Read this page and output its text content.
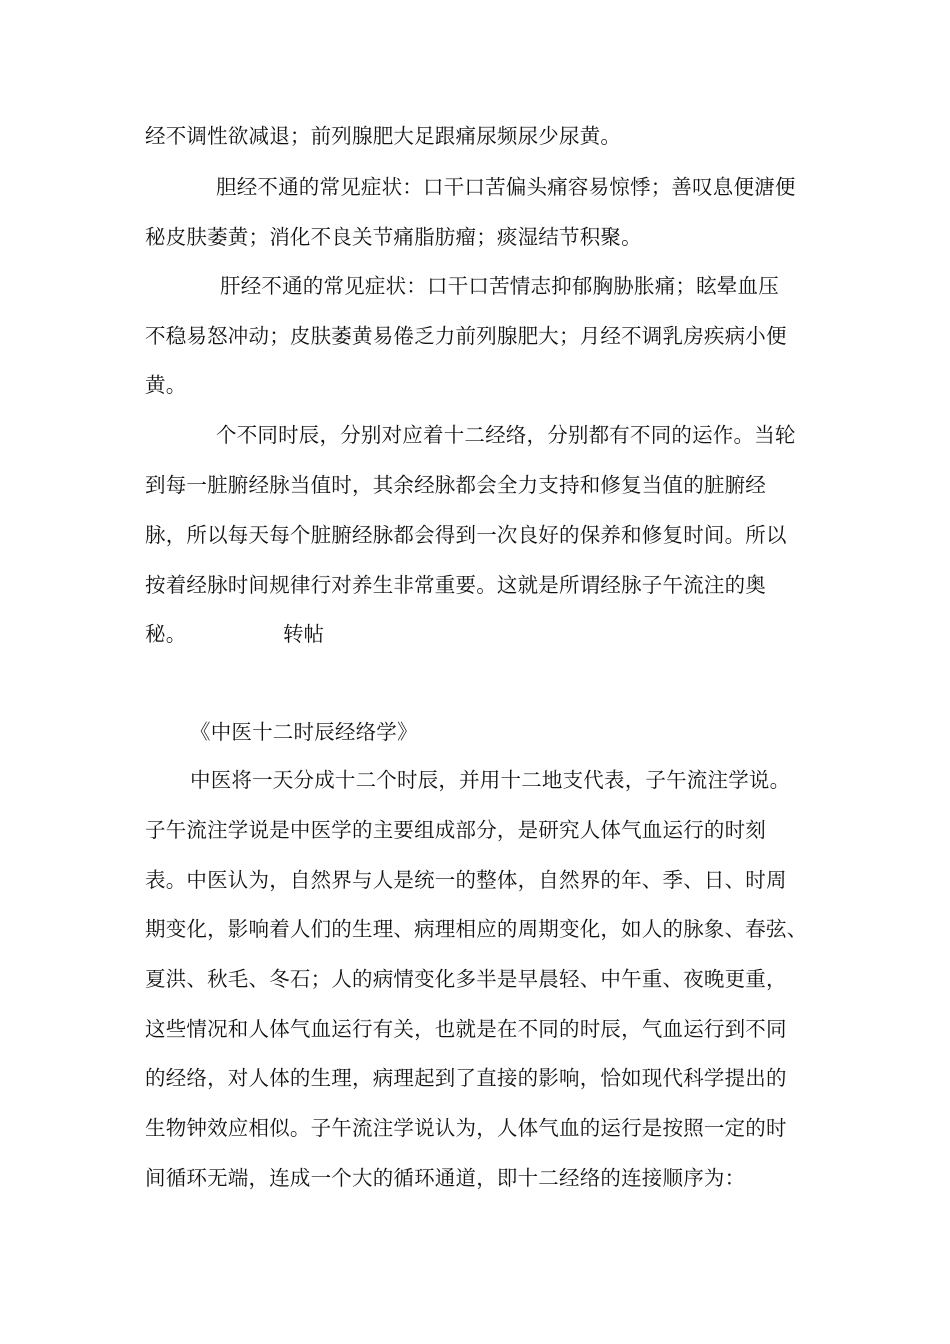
经不调性欲减退；前列腺肥大足跟痛尿频尿少尿黄。
胆经不通的常见症状：口干口苦偏头痛容易惊悸；善叹息便溏便
秘皮肤萎黄；消化不良关节痛脂肪瘤；痰湿结节积聚。
肝经不通的常见症状：口干口苦情志抑郁胸胁胀痛；眩晕血压
不稳易怒冲动；皮肤萎黄易倦乏力前列腺肥大；月经不调乳房疾病小便
黄。
个不同时辰，分别对应着十二经络，分别都有不同的运作。当轮
到每一脏腑经脉当值时，其余经脉都会全力支持和修复当值的脏腑经
脉，所以每天每个脏腑经脉都会得到一次良好的保养和修复时间。所以
按着经脉时间规律行对养生非常重要。这就是所谓经脉子午流注的奥
秘。	转帖
《中医十二时辰经络学》
中医将一天分成十二个时辰，并用十二地支代表，子午流注学说。
子午流注学说是中医学的主要组成部分，是研究人体气血运行的时刻
表。中医认为，自然界与人是统一的整体，自然界的年、季、日、时周
期变化，影响着人们的生理、病理相应的周期变化，如人的脉象、春弦、
夏洪、秋毛、冬石；人的病情变化多半是早晨轻、中午重、夜晚更重，
这些情况和人体气血运行有关，也就是在不同的时辰，气血运行到不同
的经络，对人体的生理，病理起到了直接的影响，恰如现代科学提出的
生物钟效应相似。子午流注学说认为，人体气血的运行是按照一定的时
间循环无端，连成一个大的循环通道，即十二经络的连接顺序为：
